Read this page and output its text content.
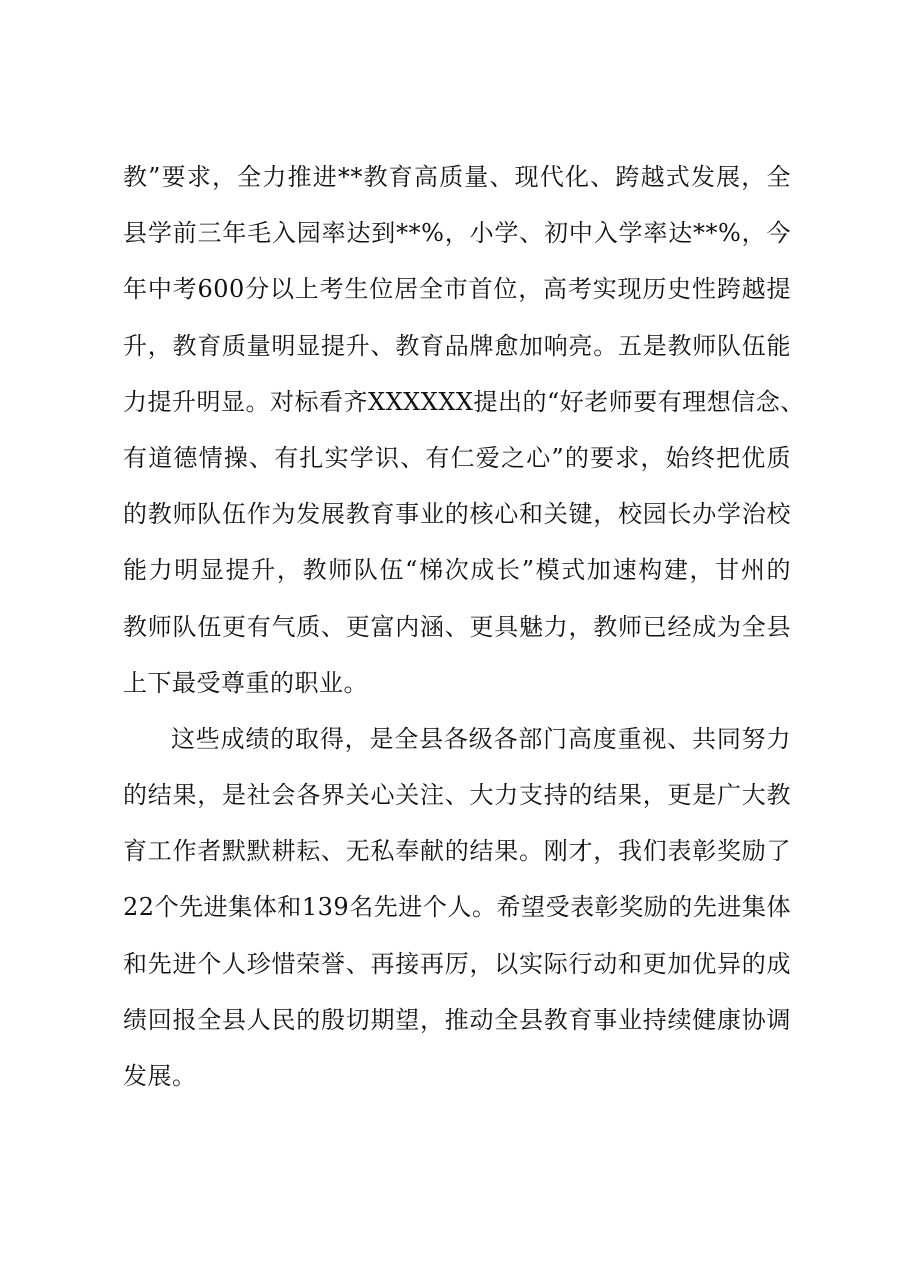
教”要求，全力推进**教育高质量、现代化、跨越式发展，全
县学前三年毛入园率达到**%，小学、初中入学率达**%，今
年中考600分以上考生位居全市首位，高考实现历史性跨越提
升，教育质量明显提升、教育品牌愈加响亮。五是教师队伍能
力提升明显。对标看齐XXXXXX提出的“好老师要有理想信念、
有道德情操、有扎实学识、有仁爱之心”的要求，始终把优质
的教师队伍作为发展教育事业的核心和关键，校园长办学治校
能力明显提升，教师队伍“梯次成长”模式加速构建，甘州的
教师队伍更有气质、更富内涵、更具魅力，教师已经成为全县
上下最受尊重的职业。
这些成绩的取得，是全县各级各部门高度重视、共同努力
的结果，是社会各界关心关注、大力支持的结果，更是广大教
育工作者默默耕耘、无私奉献的结果。刚才，我们表彰奖励了
22个先进集体和139名先进个人。希望受表彰奖励的先进集体
和先进个人珍惜荣誉、再接再厉，以实际行动和更加优异的成
绩回报全县人民的殷切期望，推动全县教育事业持续健康协调
发展。
